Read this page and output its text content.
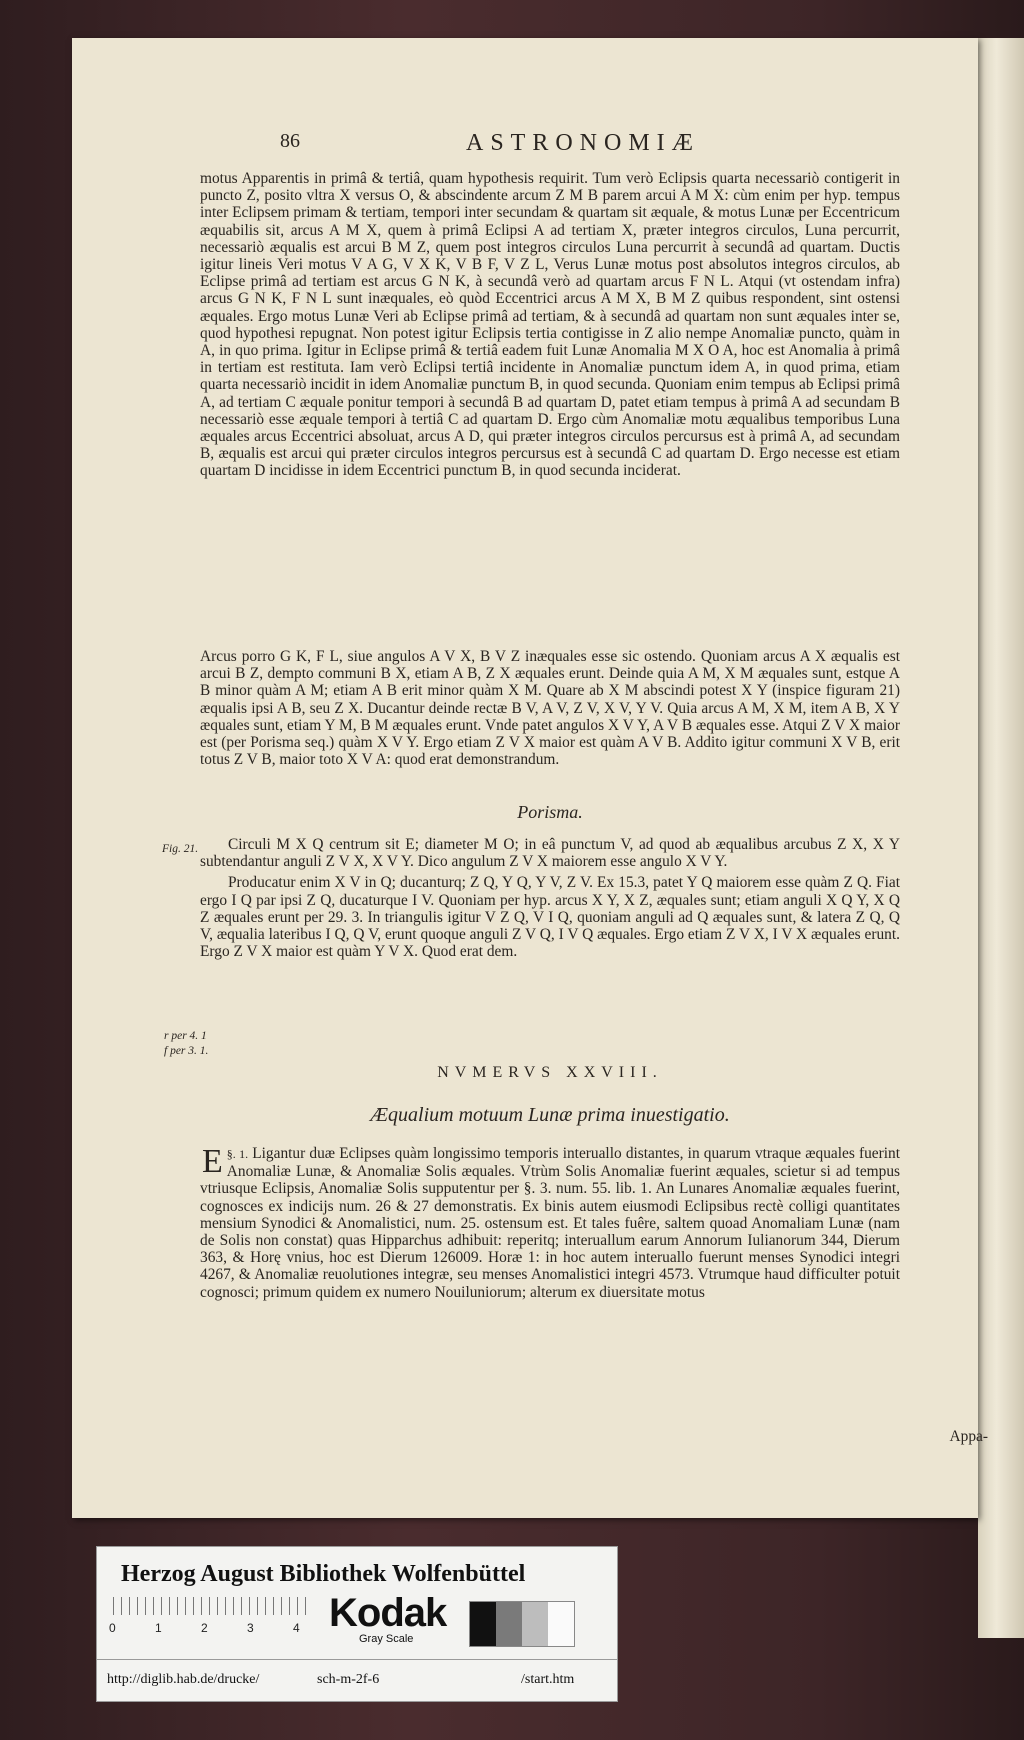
86	ASTRONOMIÆ
motus Apparentis in primâ & tertiâ, quam hypothesis requirit. Tum verò Eclipsis quarta necessariò contigerit in puncto Z, posito vltra X versus O, & abscindente arcum Z M B parem arcui A M X: cùm enim per hyp. tempus inter Eclipsem primam & tertiam, tempori inter secundam & quartam sit æquale, & motus Lunæ per Eccentricum æquabilis sit, arcus A M X, quem à primâ Eclipsi A ad tertiam X, præter integros circulos, Luna percurrit, necessariò æqualis est arcui B M Z, quem post integros circulos Luna percurrit à secundâ ad quartam. Ductis igitur lineis Veri motus V A G, V X K, V B F, V Z L, Verus Lunæ motus post absolutos integros circulos, ab Eclipse primâ ad tertiam est arcus G N K, à secundâ verò ad quartam arcus F N L. Atqui (vt ostendam infra) arcus G N K, F N L sunt inæquales, eò quòd Eccentrici arcus A M X, B M Z quibus respondent, sint ostensi æquales. Ergo motus Lunæ Veri ab Eclipse primâ ad tertiam, & à secundâ ad quartam non sunt æquales inter se, quod hypothesi repugnat. Non potest igitur Eclipsis tertia contigisse in Z alio nempe Anomaliæ puncto, quàm in A, in quo prima. Igitur in Eclipse primâ & tertiâ eadem fuit Lunæ Anomalia M X O A, hoc est Anomalia à primâ in tertiam est restituta. Iam verò Eclipsi tertiâ incidente in Anomaliæ punctum idem A, in quod prima, etiam quarta necessariò incidit in idem Anomaliæ punctum B, in quod secunda. Quoniam enim tempus ab Eclipsi primâ A, ad tertiam C æquale ponitur tempori à secundâ B ad quartam D, patet etiam tempus à primâ A ad secundam B necessariò esse æquale tempori à tertiâ C ad quartam D. Ergo cùm Anomaliæ motu æqualibus temporibus Luna æquales arcus Eccentrici absoluat, arcus A D, qui præter integros circulos percursus est à primâ A, ad secundam B, æqualis est arcui qui præter circulos integros percursus est à secundâ C ad quartam D. Ergo necesse est etiam quartam D incidisse in idem Eccentrici punctum B, in quod secunda inciderat.
Arcus porro G K, F L, siue angulos A V X, B V Z inæquales esse sic ostendo. Quoniam arcus A X æqualis est arcui B Z, dempto communi B X, etiam A B, Z X æquales erunt. Deinde quia A M, X M æquales sunt, estque A B minor quàm A M; etiam A B erit minor quàm X M. Quare ab X M abscindi potest X Y (inspice figuram 21) æqualis ipsi A B, seu Z X. Ducantur deinde rectæ B V, A V, Z V, X V, Y V. Quia arcus A M, X M, item A B, X Y æquales sunt, etiam Y M, B M æquales erunt. Vnde patet angulos X V Y, A V B æquales esse. Atqui Z V X maior est (per Porisma seq.) quàm X V Y. Ergo etiam Z V X maior est quàm A V B. Addito igitur communi X V B, erit totus Z V B, maior toto X V A: quod erat demonstrandum.
Porisma.
Fig. 21.	Circuli M X Q centrum sit E; diameter M O; in eâ punctum V, ad quod ab æqualibus arcubus Z X, X Y subtendantur anguli Z V X, X V Y. Dico angulum Z V X maiorem esse angulo X V Y.
Producatur enim X V in Q; ducanturq; Z Q, Y Q, Y V, Z V. Ex 15.3, patet Y Q maiorem esse quàm Z Q. Fiat ergo I Q par ipsi Z Q, ducaturque I V. Quoniam per hyp. arcus X Y, X Z, æquales sunt; etiam anguli X Q Y, X Q Z æquales erunt per 29. 3. In triangulis igitur V Z Q, V I Q, quoniam anguli ad Q æquales sunt, & latera Z Q, Q V, æqualia lateribus I Q, Q V, erunt quoque anguli Z V Q, I V Q æquales. Ergo etiam Z V X, I V X æquales erunt. Ergo Z V X maior est quàm Y V X. Quod erat dem.
r per 4. 1
f per 3. 1.
NVMERVS XXVIII.
Æqualium motuum Lunæ prima inuestigatio.
§. 1.
E Ligantur duæ Eclipses quàm longissimo temporis interuallo distantes, in quarum vtraque æquales fuerint Anomaliæ Lunæ, & Anomaliæ Solis æquales. Vtrùm Solis Anomaliæ fuerint æquales, scietur si ad tempus vtriusque Eclipsis, Anomaliæ Solis supputentur per §. 3. num. 55. lib. 1. An Lunares Anomaliæ æquales fuerint, cognosces ex indicijs num. 26 & 27 demonstratis. Ex binis autem eiusmodi Eclipsibus rectè colligi quantitates mensium Synodici & Anomalistici, num. 25. ostensum est. Et tales fuêre, saltem quoad Anomaliam Lunæ (nam de Solis non constat) quas Hipparchus adhibuit: reperitq; interuallum earum Annorum Iulianorum 344, Dierum 363, & Horę vnius, hoc est Dierum 126009. Horæ 1: in hoc autem interuallo fuerunt menses Synodici integri 4267, & Anomaliæ reuolutiones integræ, seu menses Anomalistici integri 4573. Vtrumque haud difficulter potuit cognosci; primum quidem ex numero Nouiluniorum; alterum ex diuersitate motus
Appa-
Herzog August Bibliothek Wolfenbüttel
0	1	2	3	4 Kodak
Gray Scale
http://diglib.hab.de/drucke/	sch-m-2f-6	/start.htm
